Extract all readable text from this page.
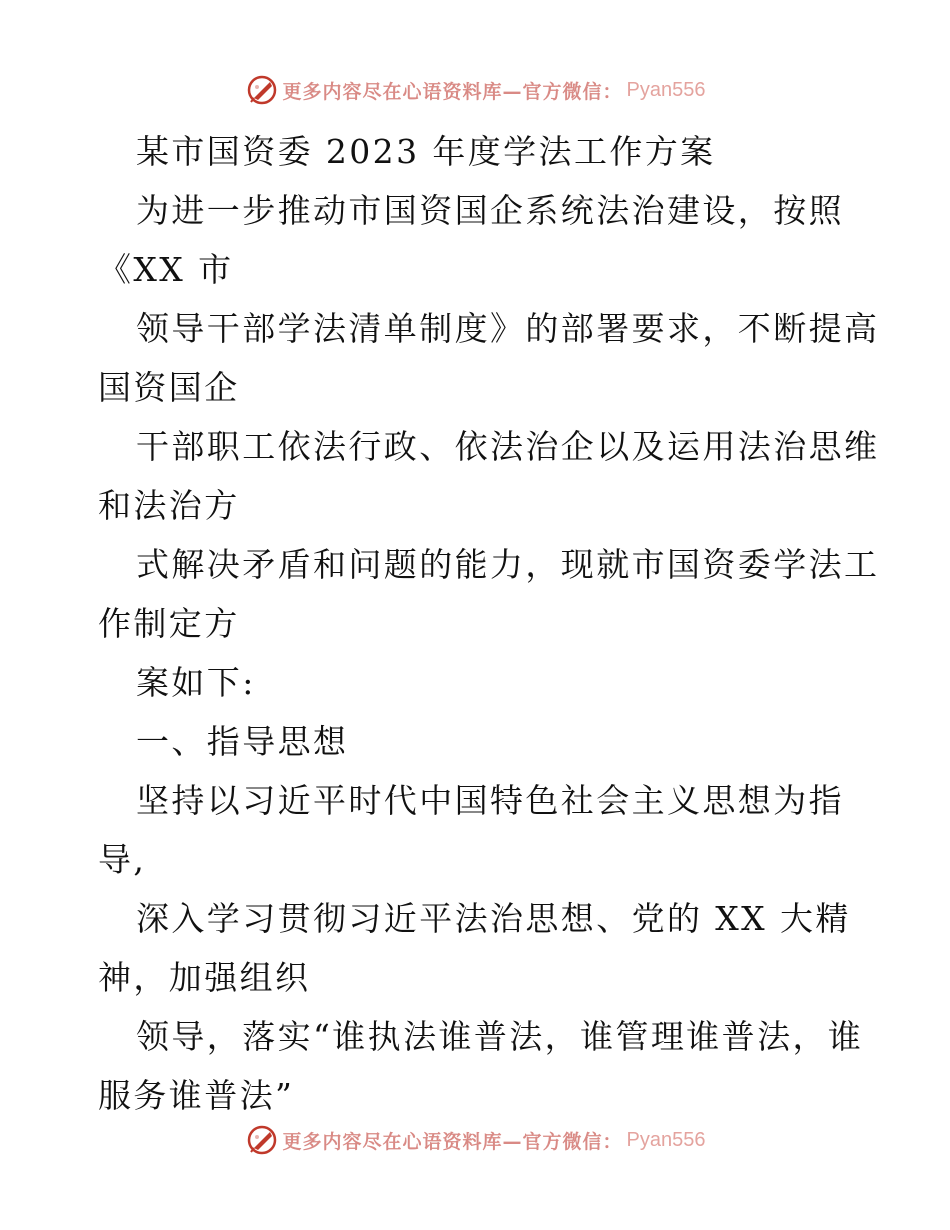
更多内容尽在心语资料库—官方微信： Pyan556
某市国资委 2023 年度学法工作方案
为进一步推动市国资国企系统法治建设，按照
《XX 市
领导干部学法清单制度》的部署要求，不断提高
国资国企
干部职工依法行政、依法治企以及运用法治思维
和法治方
式解决矛盾和问题的能力，现就市国资委学法工
作制定方
案如下:
一、指导思想
坚持以习近平时代中国特色社会主义思想为指
导,
深入学习贯彻习近平法治思想、党的 XX 大精
神，加强组织
领导，落实“谁执法谁普法，谁管理谁普法，谁
服务谁普法”
更多内容尽在心语资料库—官方微信： Pyan556
